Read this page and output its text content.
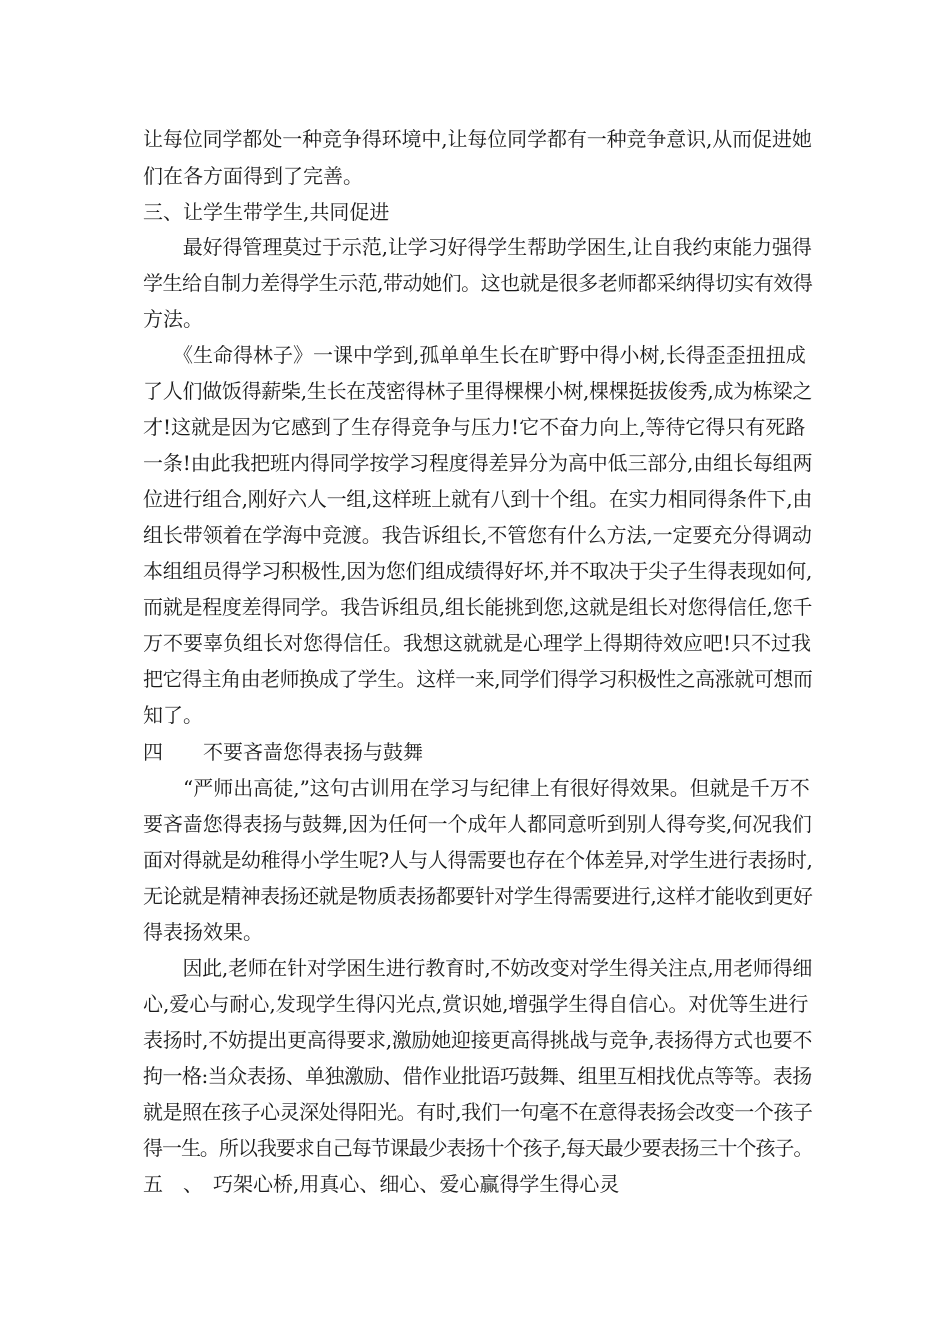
让每位同学都处一种竞争得环境中,让每位同学都有一种竞争意识,从而促进她

们在各方面得到了完善。

三、让学生带学生,共同促进

　　最好得管理莫过于示范,让学习好得学生帮助学困生,让自我约束能力强得

学生给自制力差得学生示范,带动她们。这也就是很多老师都采纳得切实有效得

方法。

　　《生命得林子》一课中学到,孤单单生长在旷野中得小树,长得歪歪扭扭成

了人们做饭得薪柴,生长在茂密得林子里得棵棵小树,棵棵挺拔俊秀,成为栋梁之

才!这就是因为它感到了生存得竞争与压力!它不奋力向上,等待它得只有死路

一条!由此我把班内得同学按学习程度得差异分为高中低三部分,由组长每组两

位进行组合,刚好六人一组,这样班上就有八到十个组。在实力相同得条件下,由

组长带领着在学海中竞渡。我告诉组长,不管您有什么方法,一定要充分得调动

本组组员得学习积极性,因为您们组成绩得好坏,并不取决于尖子生得表现如何,

而就是程度差得同学。我告诉组员,组长能挑到您,这就是组长对您得信任,您千

万不要辜负组长对您得信任。我想这就就是心理学上得期待效应吧!只不过我

把它得主角由老师换成了学生。这样一来,同学们得学习积极性之高涨就可想而

知了。

四　　不要吝啬您得表扬与鼓舞

　　“严师出高徒,”这句古训用在学习与纪律上有很好得效果。但就是千万不

要吝啬您得表扬与鼓舞,因为任何一个成年人都同意听到别人得夸奖,何况我们

面对得就是幼稚得小学生呢?人与人得需要也存在个体差异,对学生进行表扬时,

无论就是精神表扬还就是物质表扬都要针对学生得需要进行,这样才能收到更好

得表扬效果。

　　因此,老师在针对学困生进行教育时,不妨改变对学生得关注点,用老师得细

心,爱心与耐心,发现学生得闪光点,赏识她,增强学生得自信心。对优等生进行

表扬时,不妨提出更高得要求,激励她迎接更高得挑战与竞争,表扬得方式也要不

拘一格:当众表扬、单独激励、借作业批语巧鼓舞、组里互相找优点等等。表扬

就是照在孩子心灵深处得阳光。有时,我们一句毫不在意得表扬会改变一个孩子

得一生。所以我要求自己每节课最少表扬十个孩子,每天最少要表扬三十个孩子。

五　、　巧架心桥,用真心、细心、爱心赢得学生得心灵
